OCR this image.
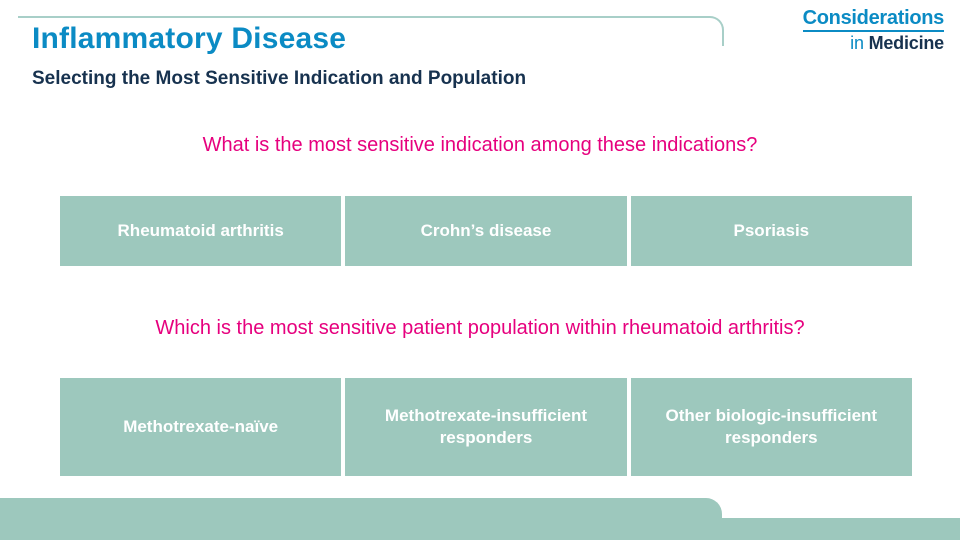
Considerations
in Medicine
Inflammatory Disease
Selecting the Most Sensitive Indication and Population
What is the most sensitive indication among these indications?
Rheumatoid arthritis	Crohn’s disease	Psoriasis
Which is the most sensitive patient population within rheumatoid arthritis?
Methotrexate-naïve
Methotrexate-insufficient responders
Other biologic-insufficient responders
